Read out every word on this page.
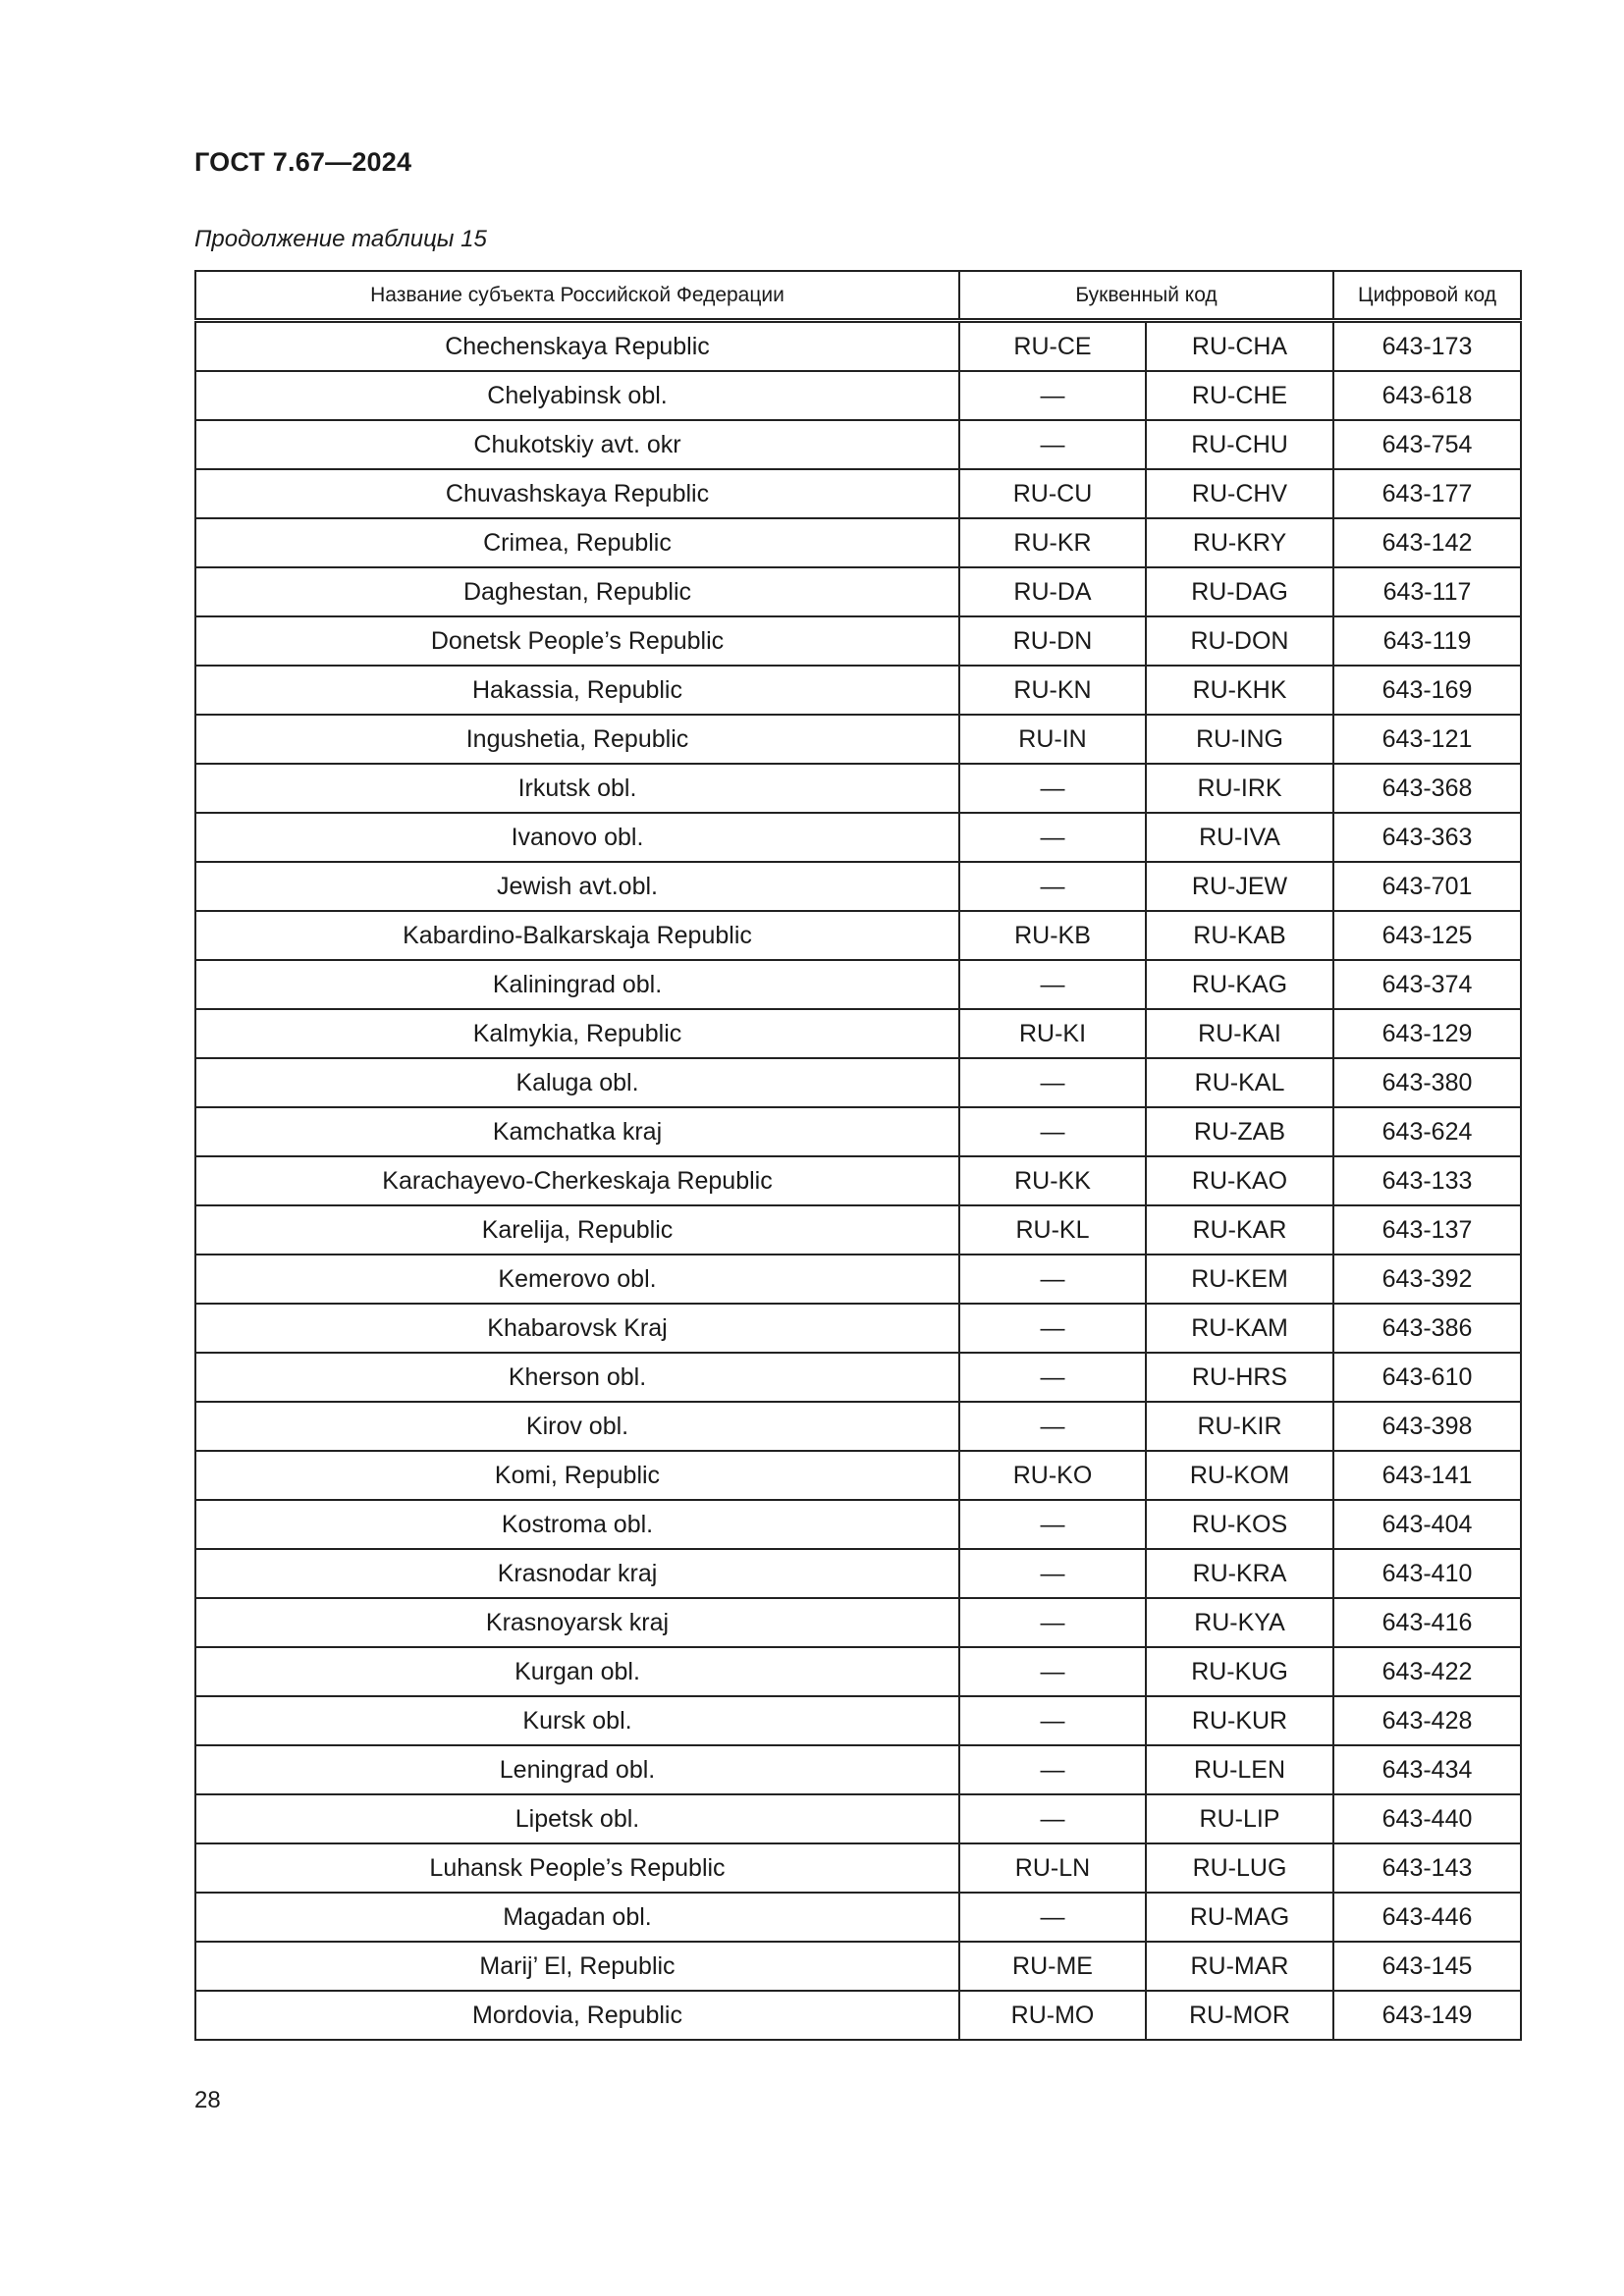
ГОСТ 7.67—2024
Продолжение таблицы 15
Название субъекта Российской Федерации	Буквенный код		Цифровой код
Chechenskaya Republic	RU-CE	RU-CHA	643-173
Chelyabinsk obl.	—	RU-CHE	643-618
Chukotskiy avt. okr	—	RU-CHU	643-754
Chuvashskaya Republic	RU-CU	RU-CHV	643-177
Crimea, Republic	RU-KR	RU-KRY	643-142
Daghestan, Republic	RU-DA	RU-DAG	643-117
Donetsk People’s Republic	RU-DN	RU-DON	643-119
Hakassia, Republic	RU-KN	RU-KHK	643-169
Ingushetia, Republic	RU-IN	RU-ING	643-121
Irkutsk obl.	—	RU-IRK	643-368
Ivanovo obl.	—	RU-IVA	643-363
Jewish avt.obl.	—	RU-JEW	643-701
Kabardino-Balkarskaja Republic	RU-KB	RU-KAB	643-125
Kaliningrad obl.	—	RU-KAG	643-374
Kalmykia, Republic	RU-KI	RU-KAI	643-129
Kaluga obl.	—	RU-KAL	643-380
Kamchatka kraj	—	RU-ZAB	643-624
Karachayevo-Cherkeskaja Republic	RU-KK	RU-KAO	643-133
Karelija, Republic	RU-KL	RU-KAR	643-137
Kemerovo obl.	—	RU-KEM	643-392
Khabarovsk Kraj	—	RU-KAM	643-386
Kherson obl.	—	RU-HRS	643-610
Kirov obl.	—	RU-KIR	643-398
Komi, Republic	RU-KO	RU-KOM	643-141
Kostroma obl.	—	RU-KOS	643-404
Krasnodar kraj	—	RU-KRA	643-410
Krasnoyarsk kraj	—	RU-KYA	643-416
Kurgan obl.	—	RU-KUG	643-422
Kursk obl.	—	RU-KUR	643-428
Leningrad obl.	—	RU-LEN	643-434
Lipetsk obl.	—	RU-LIP	643-440
Luhansk People’s Republic	RU-LN	RU-LUG	643-143
Magadan obl.	—	RU-MAG	643-446
Marij’ El, Republic	RU-ME	RU-MAR	643-145
Mordovia, Republic	RU-MO	RU-MOR	643-149
28
